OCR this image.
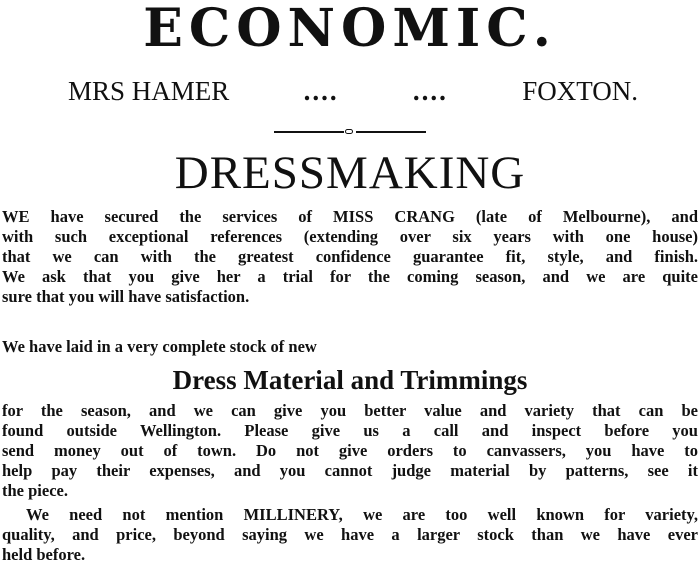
ECONOMIC.
MRS HAMER	....	....	FOXTON.
DRESSMAKING
WE have secured the services of MISS CRANG (late of Melbourne), and
with such exceptional references (extending over six years with one house)
that we can with the greatest confidence guarantee fit, style, and finish.
We ask that you give her a trial for the coming season, and we are quite
sure that you will have satisfaction.
We have laid in a very complete stock of new
Dress Material and Trimmings
for the season, and we can give you better value and variety that can be
found outside Wellington. Please give us a call and inspect before you
send money out of town. Do not give orders to canvassers, you have to
help pay their expenses, and you cannot judge material by patterns, see it
the piece.
We need not mention MILLINERY, we are too well known for variety,
quality, and price, beyond saying we have a larger stock than we have ever
held before.
